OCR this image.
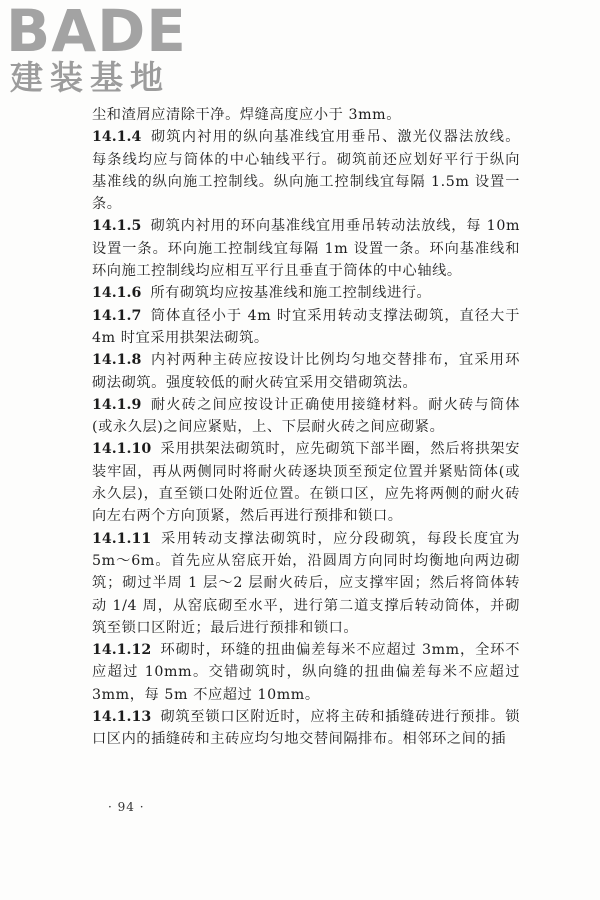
BADE
建装基地

尘和渣屑应清除干净。焊缝高度应小于 3mm。

14.1.4 砌筑内衬用的纵向基准线宜用垂吊、激光仪器法放线。每条线均应与筒体的中心轴线平行。砌筑前还应划好平行于纵向基准线的纵向施工控制线。纵向施工控制线宜每隔 1.5m 设置一条。

14.1.5 砌筑内衬用的环向基准线宜用垂吊转动法放线，每 10m 设置一条。环向施工控制线宜每隔 1m 设置一条。环向基准线和环向施工控制线均应相互平行且垂直于筒体的中心轴线。

14.1.6 所有砌筑均应按基准线和施工控制线进行。

14.1.7 筒体直径小于 4m 时宜采用转动支撑法砌筑，直径大于 4m 时宜采用拱架法砌筑。

14.1.8 内衬两种主砖应按设计比例均匀地交替排布，宜采用环砌法砌筑。强度较低的耐火砖宜采用交错砌筑法。

14.1.9 耐火砖之间应按设计正确使用接缝材料。耐火砖与筒体(或永久层)之间应紧贴，上、下层耐火砖之间应砌紧。

14.1.10 采用拱架法砌筑时，应先砌筑下部半圈，然后将拱架安装牢固，再从两侧同时将耐火砖逐块顶至预定位置并紧贴筒体(或永久层)，直至锁口处附近位置。在锁口区，应先将两侧的耐火砖向左右两个方向顶紧，然后再进行预排和锁口。

14.1.11 采用转动支撑法砌筑时，应分段砌筑，每段长度宜为 5m～6m。首先应从窑底开始，沿圆周方向同时均衡地向两边砌筑；砌过半周 1 层～2 层耐火砖后，应支撑牢固；然后将筒体转动 1/4 周，从窑底砌至水平，进行第二道支撑后转动筒体，并砌筑至锁口区附近；最后进行预排和锁口。

14.1.12 环砌时，环缝的扭曲偏差每米不应超过 3mm，全环不应超过 10mm。交错砌筑时，纵向缝的扭曲偏差每米不应超过 3mm，每 5m 不应超过 10mm。

14.1.13 砌筑至锁口区附近时，应将主砖和插缝砖进行预排。锁口区内的插缝砖和主砖应均匀地交替间隔排布。相邻环之间的插

· 94 ·
